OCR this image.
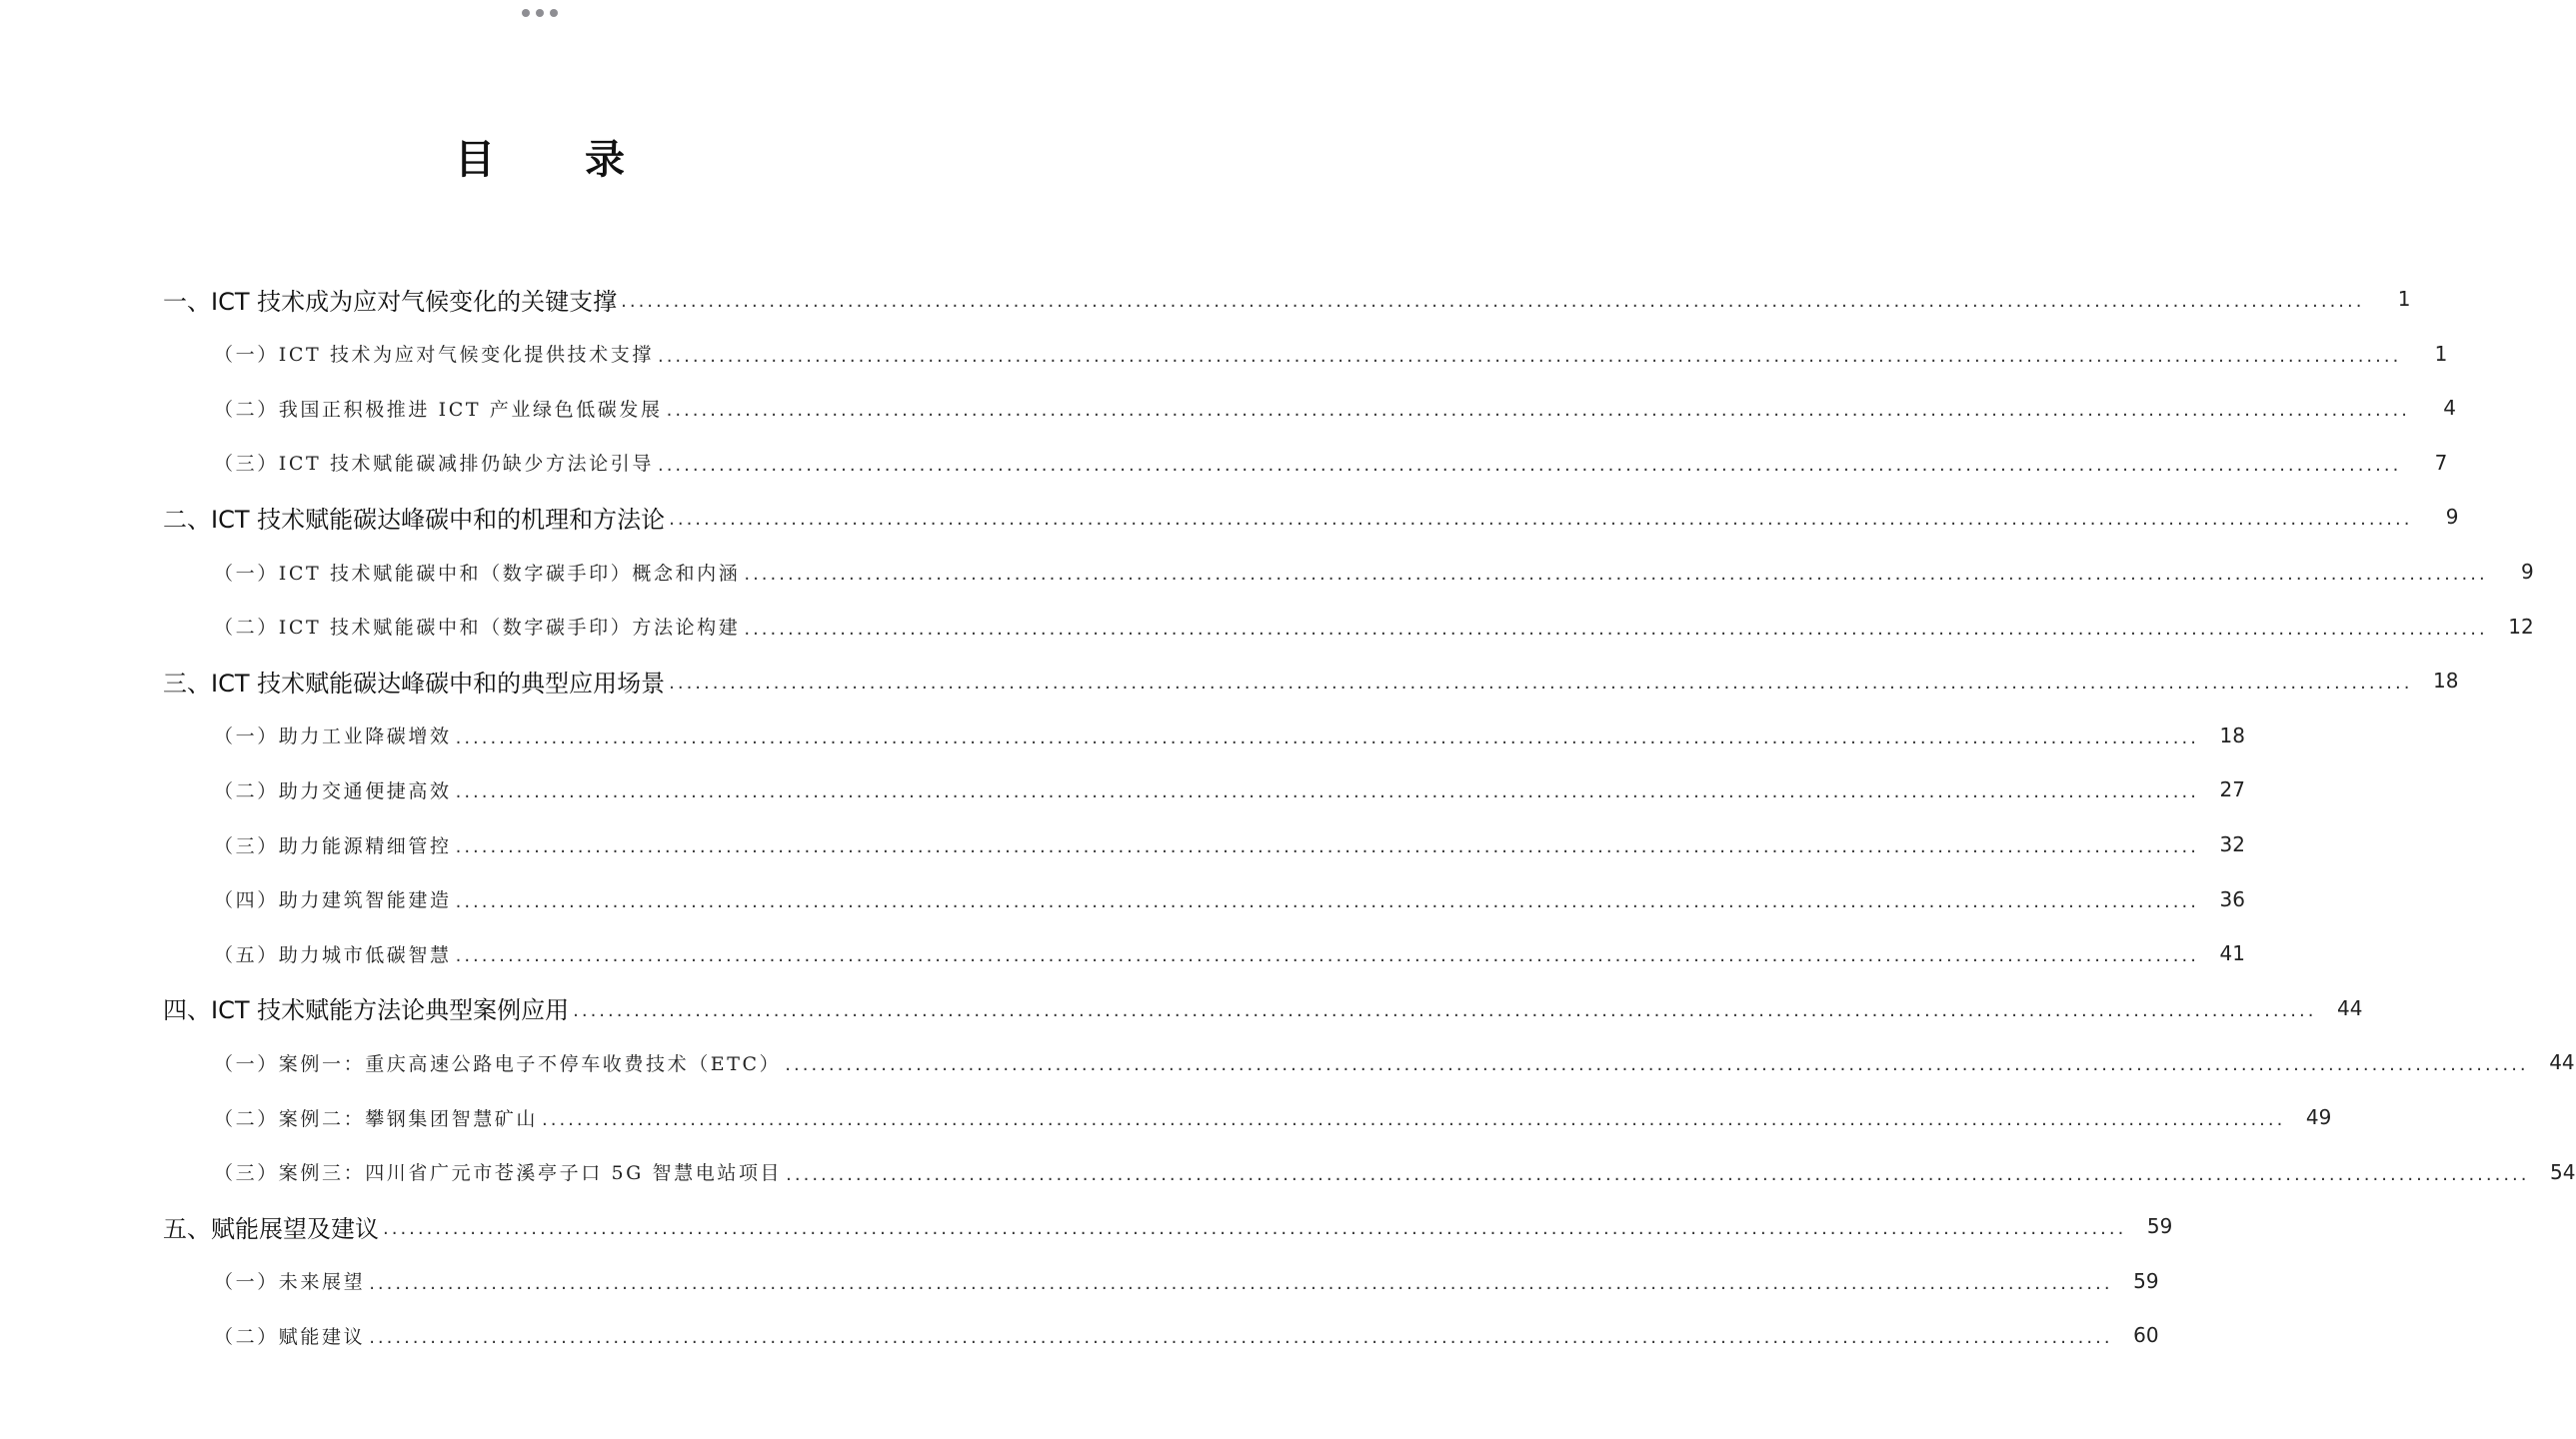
目 录
一、ICT 技术成为应对气候变化的关键支撑 ........................................................................................................................................................................................................	1
（一）ICT 技术为应对气候变化提供技术支撑 ........................................................................................................................................................................................................	1
（二）我国正积极推进 ICT 产业绿色低碳发展 ........................................................................................................................................................................................................	4
（三）ICT 技术赋能碳减排仍缺少方法论引导 ........................................................................................................................................................................................................	7
二、ICT 技术赋能碳达峰碳中和的机理和方法论 ........................................................................................................................................................................................................	9
（一）ICT 技术赋能碳中和（数字碳手印）概念和内涵 ........................................................................................................................................................................................................	9
（二）ICT 技术赋能碳中和（数字碳手印）方法论构建 ........................................................................................................................................................................................................	12
三、ICT 技术赋能碳达峰碳中和的典型应用场景 ........................................................................................................................................................................................................	18
（一）助力工业降碳增效 ........................................................................................................................................................................................................	18
（二）助力交通便捷高效 ........................................................................................................................................................................................................	27
（三）助力能源精细管控 ........................................................................................................................................................................................................	32
（四）助力建筑智能建造 ........................................................................................................................................................................................................	36
（五）助力城市低碳智慧 ........................................................................................................................................................................................................	41
四、ICT 技术赋能方法论典型案例应用 ........................................................................................................................................................................................................	44
（一）案例一：重庆高速公路电子不停车收费技术（ETC） ........................................................................................................................................................................................................	44
（二）案例二：攀钢集团智慧矿山 ........................................................................................................................................................................................................	49
（三）案例三：四川省广元市苍溪亭子口 5G 智慧电站项目 ........................................................................................................................................................................................................	54
五、赋能展望及建议 ........................................................................................................................................................................................................	59
（一）未来展望 ........................................................................................................................................................................................................	59
（二）赋能建议 ........................................................................................................................................................................................................	60
